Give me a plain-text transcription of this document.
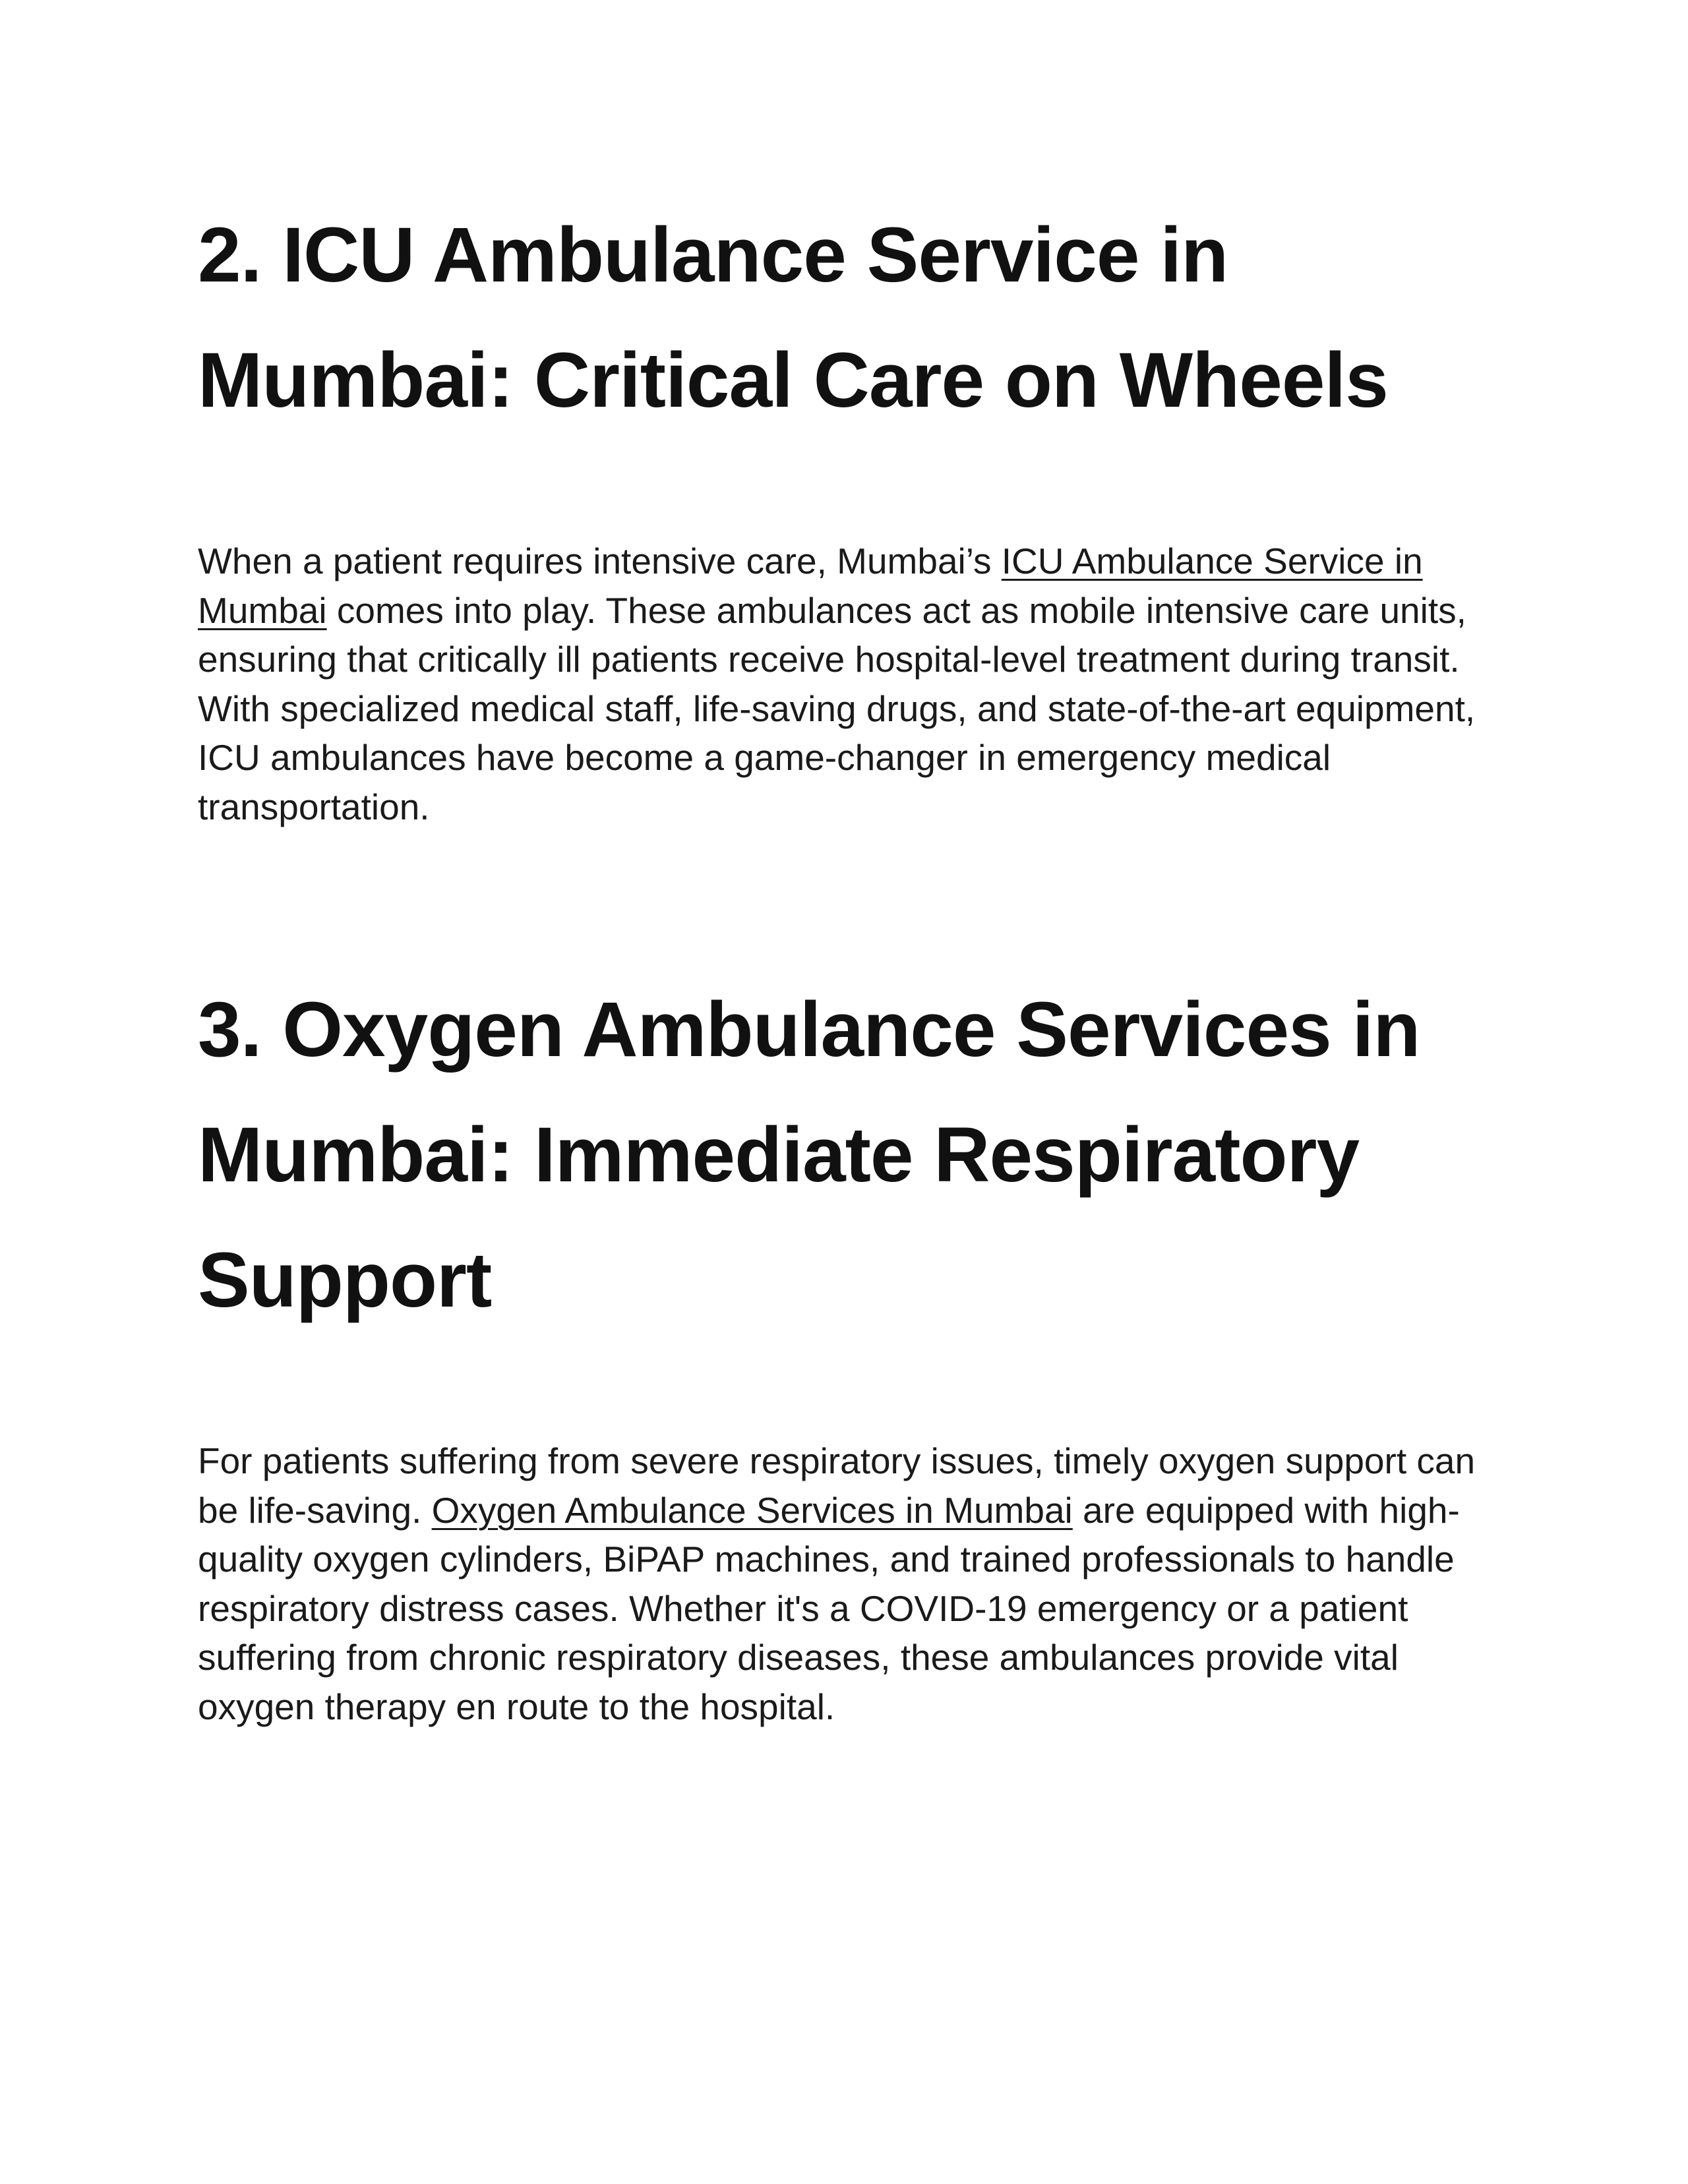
2. ICU Ambulance Service in
Mumbai: Critical Care on Wheels

When a patient requires intensive care, Mumbai’s ICU Ambulance Service in Mumbai comes into play. These ambulances act as mobile intensive care units, ensuring that critically ill patients receive hospital-level treatment during transit. With specialized medical staff, life-saving drugs, and state-of-the-art equipment, ICU ambulances have become a game-changer in emergency medical transportation.

3. Oxygen Ambulance Services in
Mumbai: Immediate Respiratory
Support

For patients suffering from severe respiratory issues, timely oxygen support can be life-saving. Oxygen Ambulance Services in Mumbai are equipped with high-quality oxygen cylinders, BiPAP machines, and trained professionals to handle respiratory distress cases. Whether it's a COVID-19 emergency or a patient suffering from chronic respiratory diseases, these ambulances provide vital oxygen therapy en route to the hospital.
